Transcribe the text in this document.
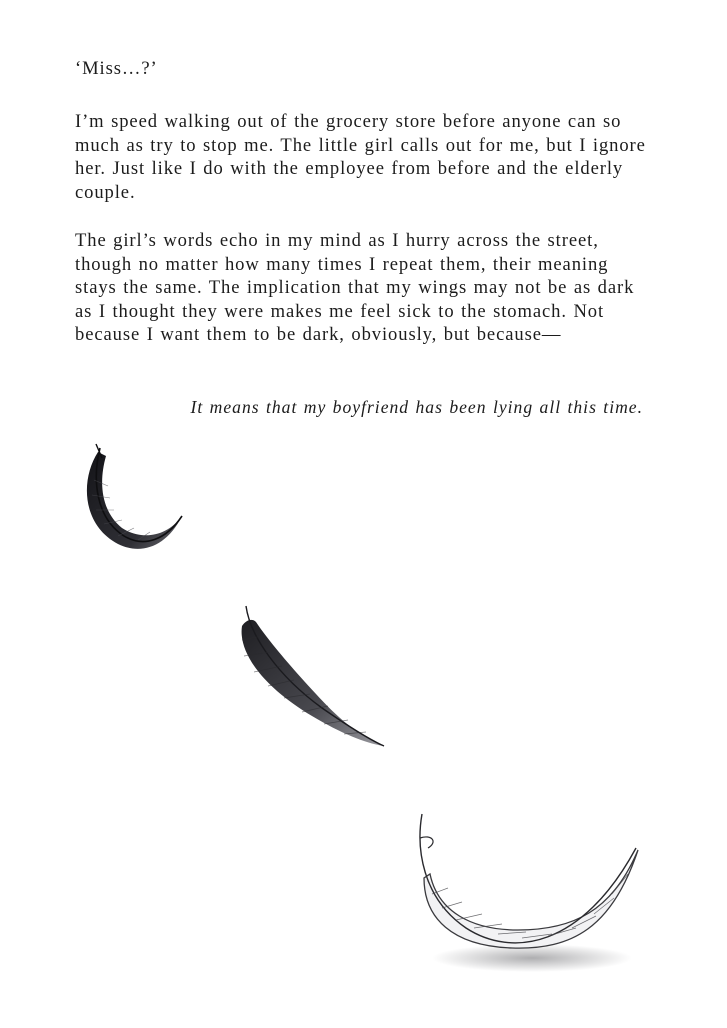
‘Miss…?’

I’m speed walking out of the grocery store before anyone can so much as try to stop me. The little girl calls out for me, but I ignore her. Just like I do with the employee from before and the elderly couple.

The girl’s words echo in my mind as I hurry across the street, though no matter how many times I repeat them, their meaning stays the same. The implication that my wings may not be as dark as I thought they were makes me feel sick to the stomach. Not because I want them to be dark, obviously, but because—

It means that my boyfriend has been lying all this time.
